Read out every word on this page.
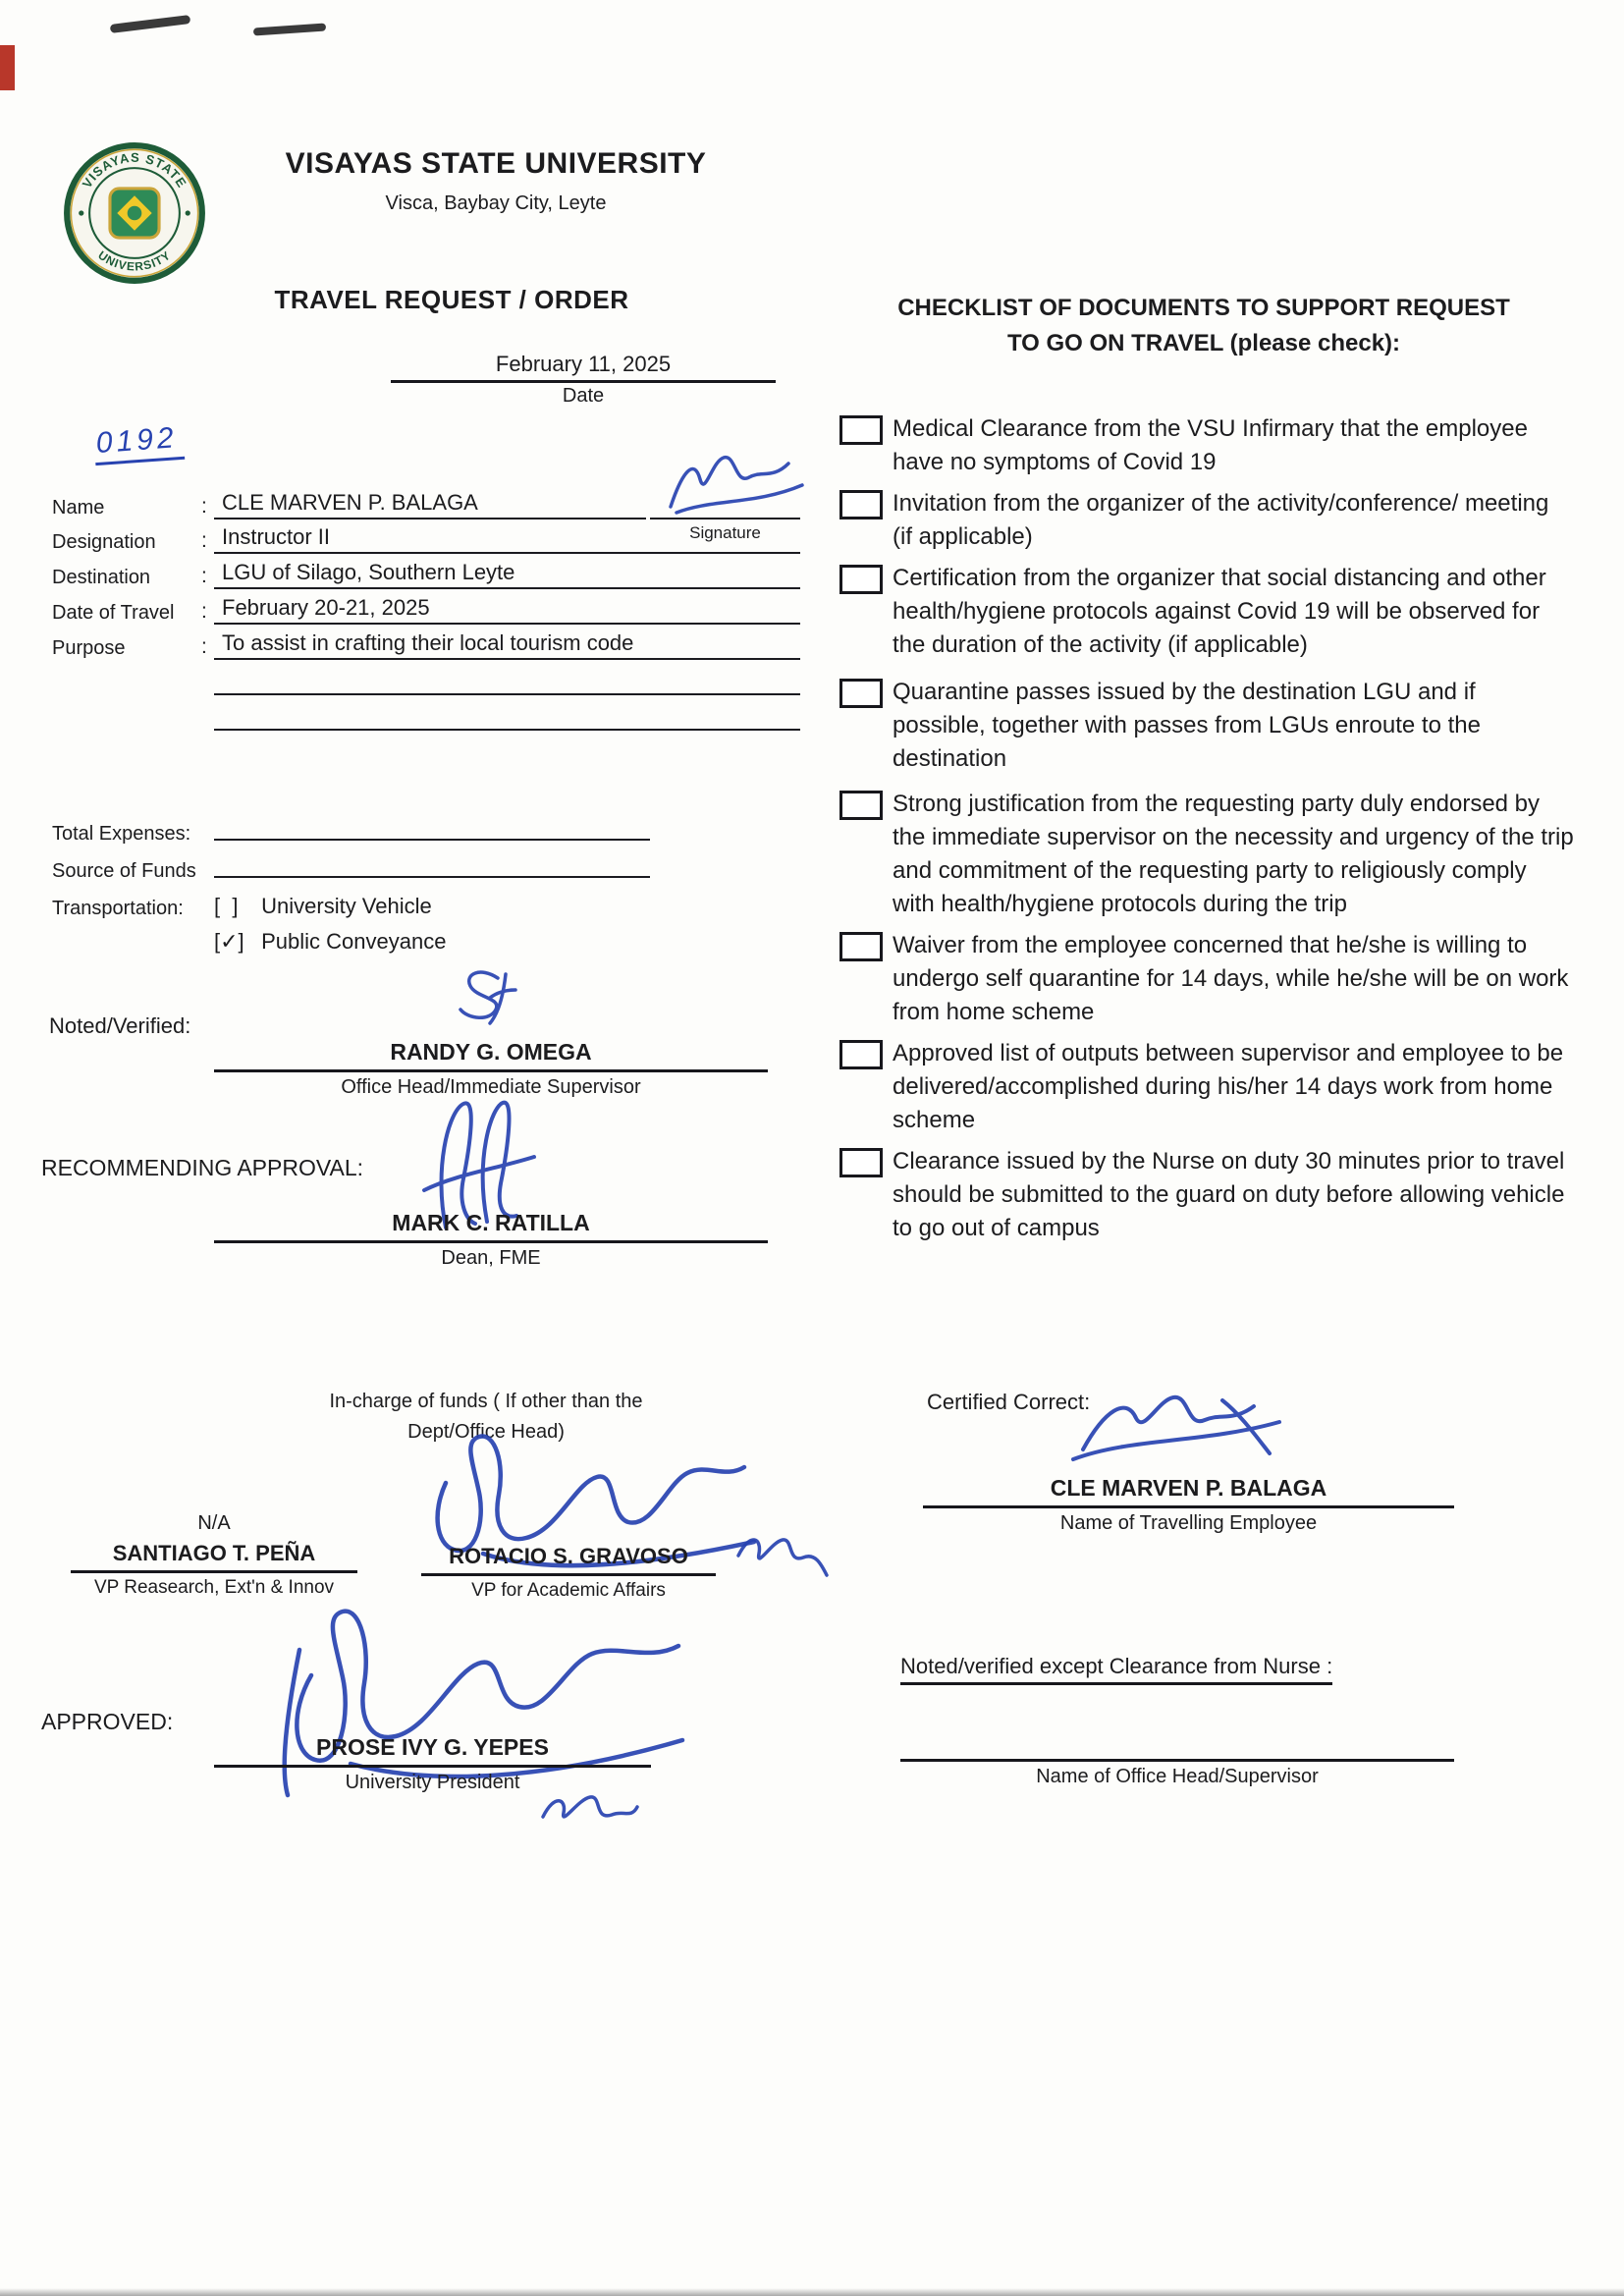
VISAYAS STATE
UNIVERSITY
VISAYAS STATE UNIVERSITY
Visca, Baybay City, Leyte
TRAVEL REQUEST / ORDER
February 11, 2025
Date
0192
Name	: CLE MARVEN P. BALAGA
Signature
Designation : Instructor II
Destination : LGU of Silago, Southern Leyte
Date of Travel : February 20-21, 2025
Purpose	: To assist in crafting their local tourism code
Total Expenses:
Source of Funds
Transportation: [  ] University Vehicle
[✓] Public Conveyance
Noted/Verified:
RANDY G. OMEGA
Office Head/Immediate Supervisor
RECOMMENDING APPROVAL:
MARK C. RATILLA
Dean, FME
In-charge of funds ( If other than the
Dept/Office Head)
N/A
SANTIAGO T. PEÑA
VP Reasearch, Ext'n & Innov
ROTACIO S. GRAVOSO
VP for Academic Affairs
APPROVED:
PROSE IVY G. YEPES
University President
CHECKLIST OF DOCUMENTS TO SUPPORT REQUEST
TO GO ON TRAVEL (please check):
Medical Clearance from the VSU Infirmary that the employee have no symptoms of Covid 19
Invitation from the organizer of the activity/conference/ meeting (if applicable)
Certification from the organizer that social distancing and other health/hygiene protocols against Covid 19 will be observed for the duration of the activity (if applicable)
Quarantine passes issued by the destination LGU and if possible, together with passes from LGUs enroute to the destination
Strong justification from the requesting party duly endorsed by the immediate supervisor on the necessity and urgency of the trip and commitment of the requesting party to religiously comply with health/hygiene protocols during the trip
Waiver from the employee concerned that he/she is willing to undergo self quarantine for 14 days, while he/she will be on work from home scheme
Approved list of outputs between supervisor and employee to be delivered/accomplished during his/her 14 days work from home scheme
Clearance issued by the Nurse on duty 30 minutes prior to travel should be submitted to the guard on duty before allowing vehicle to go out of campus
Certified Correct:
CLE MARVEN P. BALAGA
Name of Travelling Employee
Noted/verified except Clearance from Nurse :
Name of Office Head/Supervisor
